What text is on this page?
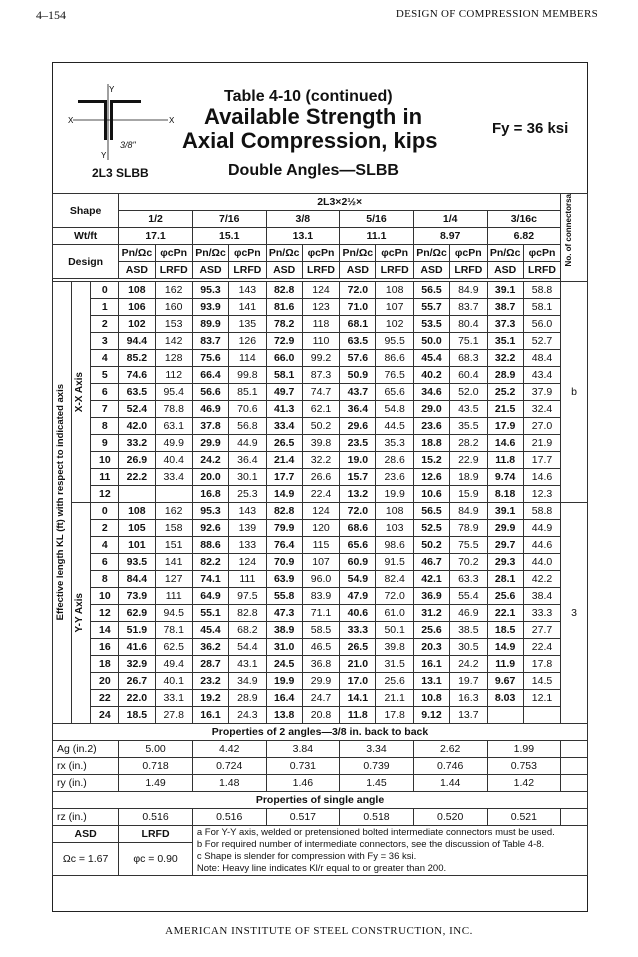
4–154	DESIGN OF COMPRESSION MEMBERS
Y
X	X
Y
3/8"
2L3 SLBB
Table 4-10 (continued)
Available Strength in
Axial Compression, kips	Fy = 36 ksi
Double Angles—SLBB
Shape			2L3×2½×												No. of connectorsa

			1/2		7/16		3/8		5/16		1/4		3/16c		
Wt/ft			17.1		15.1		13.1		11.1		8.97		6.82		
Design			Pn/Ωc	φcPn	Pn/Ωc	φcPn	Pn/Ωc	φcPn	Pn/Ωc	φcPn	Pn/Ωc	φcPn	Pn/Ωc	φcPn	
			ASD	LRFD	ASD	LRFD	ASD	LRFD	ASD	LRFD	ASD	LRFD	ASD	LRFD	

Effective length KL (ft) with respect to indicated axis	X-X Axis	0	108	162	95.3	143	82.8	124	72.0	108	56.5	84.9	39.1	58.8	b
		1	106	160	93.9	141	81.6	123	71.0	107	55.7	83.7	38.7	58.1	
		2	102	153	89.9	135	78.2	118	68.1	102	53.5	80.4	37.3	56.0	
		3	94.4	142	83.7	126	72.9	110	63.5	95.5	50.0	75.1	35.1	52.7	
		4	85.2	128	75.6	114	66.0	99.2	57.6	86.6	45.4	68.3	32.2	48.4	
		5	74.6	112	66.4	99.8	58.1	87.3	50.9	76.5	40.2	60.4	28.9	43.4	
		6	63.5	95.4	56.6	85.1	49.7	74.7	43.7	65.6	34.6	52.0	25.2	37.9	
		7	52.4	78.8	46.9	70.6	41.3	62.1	36.4	54.8	29.0	43.5	21.5	32.4	
		8	42.0	63.1	37.8	56.8	33.4	50.2	29.6	44.5	23.6	35.5	17.9	27.0	
		9	33.2	49.9	29.9	44.9	26.5	39.8	23.5	35.3	18.8	28.2	14.6	21.9	
		10	26.9	40.4	24.2	36.4	21.4	32.2	19.0	28.6	15.2	22.9	11.8	17.7	
		11	22.2	33.4	20.0	30.1	17.7	26.6	15.7	23.6	12.6	18.9	9.74	14.6	
		12			16.8	25.3	14.9	22.4	13.2	19.9	10.6	15.9	8.18	12.3	

	Y-Y Axis	0	108	162	95.3	143	82.8	124	72.0	108	56.5	84.9	39.1	58.8	3
		2	105	158	92.6	139	79.9	120	68.6	103	52.5	78.9	29.9	44.9	
		4	101	151	88.6	133	76.4	115	65.6	98.6	50.2	75.5	29.7	44.6	
		6	93.5	141	82.2	124	70.9	107	60.9	91.5	46.7	70.2	29.3	44.0	
		8	84.4	127	74.1	111	63.9	96.0	54.9	82.4	42.1	63.3	28.1	42.2	
		10	73.9	111	64.9	97.5	55.8	83.9	47.9	72.0	36.9	55.4	25.6	38.4	
		12	62.9	94.5	55.1	82.8	47.3	71.1	40.6	61.0	31.2	46.9	22.1	33.3	
		14	51.9	78.1	45.4	68.2	38.9	58.5	33.3	50.1	25.6	38.5	18.5	27.7	
		16	41.6	62.5	36.2	54.4	31.0	46.5	26.5	39.8	20.3	30.5	14.9	22.4	
		18	32.9	49.4	28.7	43.1	24.5	36.8	21.0	31.5	16.1	24.2	11.9	17.8	
		20	26.7	40.1	23.2	34.9	19.9	29.9	17.0	25.6	13.1	19.7	9.67	14.5	
		22	22.0	33.1	19.2	28.9	16.4	24.7	14.1	21.1	10.8	16.3	8.03	12.1	
		24	18.5	27.8	16.1	24.3	13.8	20.8	11.8	17.8	9.12	13.7			
Properties of 2 angles—3/8 in. back to back															
Ag (in.2)			5.00		4.42		3.84		3.34		2.62		1.99		
rx (in.)			0.718		0.724		0.731		0.739		0.746		0.753		
ry (in.)			1.49		1.48		1.46		1.45		1.44		1.42		
Properties of single angle															
rz (in.)			0.516		0.516		0.517		0.518		0.520		0.521		
ASD			LRFD		a For Y-Y axis, welded or pretensioned bolted intermediate connectors must be used.
b For required number of intermediate connectors, see the discussion of Table 4-8.
c Shape is slender for compression with Fy = 36 ksi.
Note: Heavy line indicates Kl/r equal to or greater than 200.										

Ωc = 1.67			φc = 0.90												
AMERICAN INSTITUTE OF STEEL CONSTRUCTION, INC.
